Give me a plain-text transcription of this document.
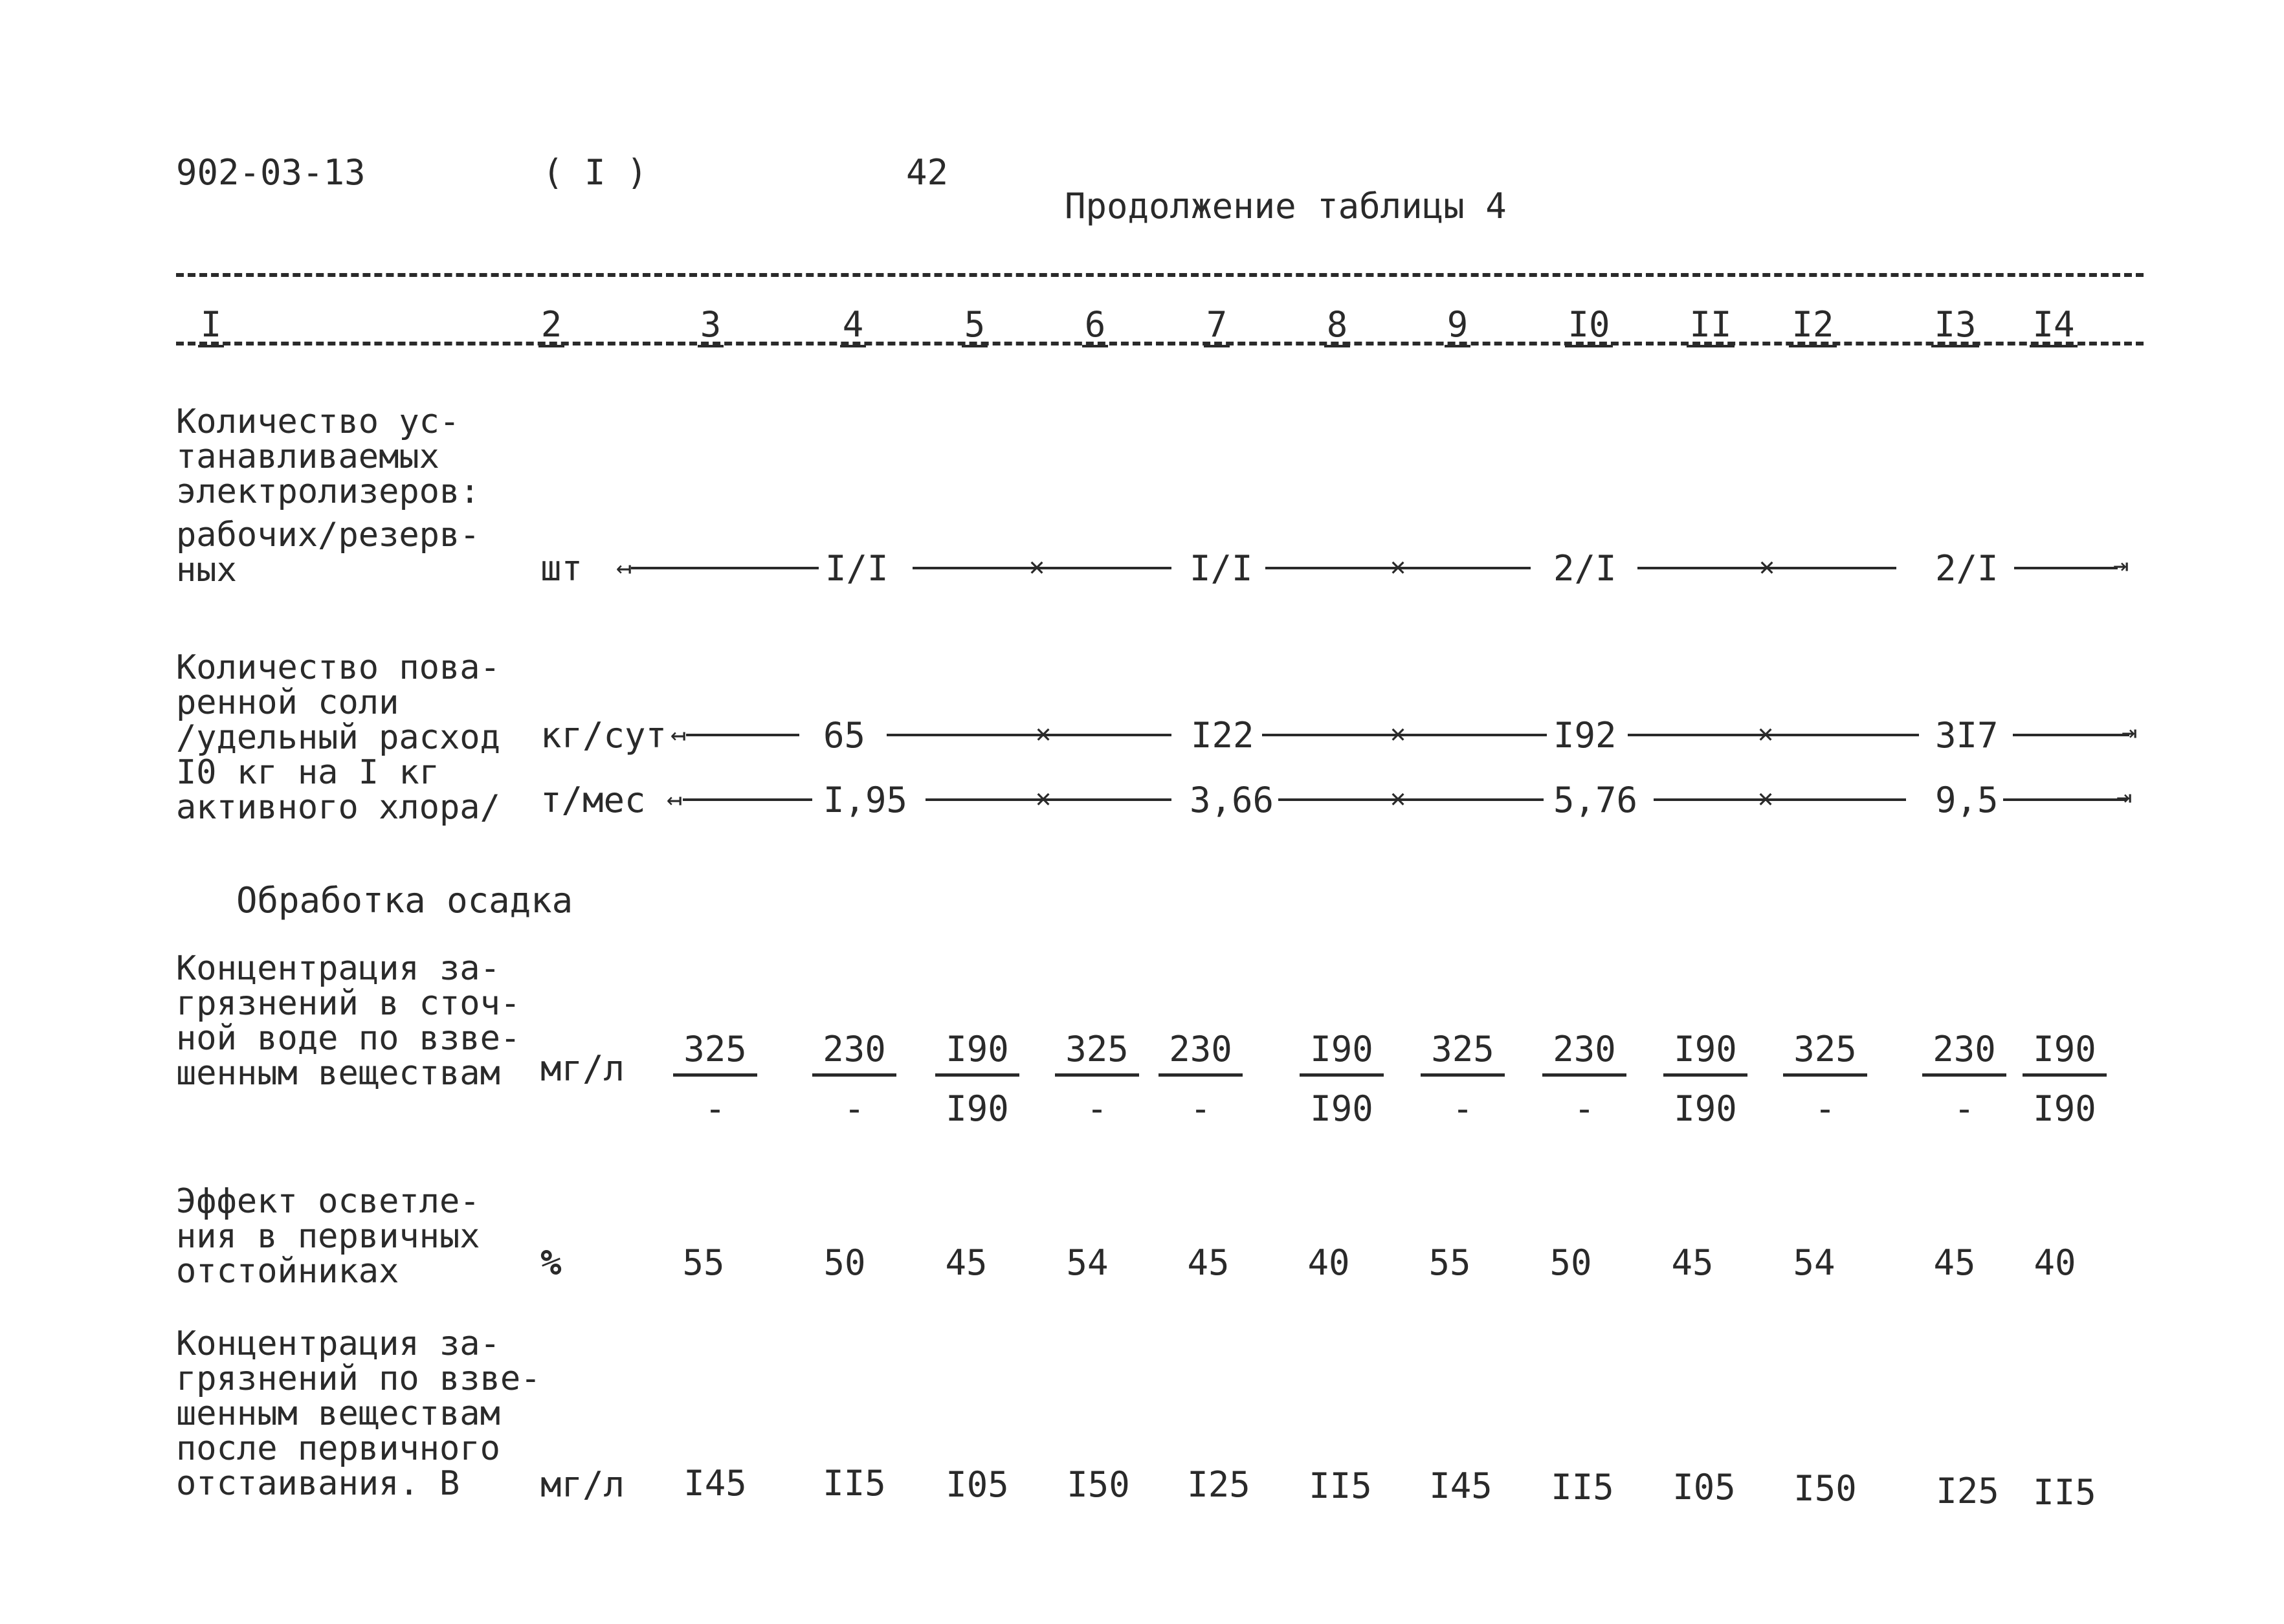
902-03-13	( I )	42
Продолжение таблицы 4
I	2	3	4	5	6	7	8	9	I0 II I2	I3 I4
Количество ус-
танавливаемых
электролизеров:
рабочих/резерв-
ных	шт ↤	I/I	✕	I/I	✕	2/I	✕	2/I	⇥
Количество пова-
ренной соли
/удельный расход
I0 кг на I кг
активного хлора/
кг/сут
т/мес
↤	65	✕	I22	✕	I92	✕	3I7	⇥
↤	I,95	✕	3,66	✕	5,76	✕	9,5	⇥
Обработка осадка
Концентрация за-
грязнений в сточ-
ной воде по взве-
шенным веществам	мг/л	325
-
230
-	$\frac{I90}{I90}$	325
-
230
-	$\frac{I90}{I90}$	325
-
230
-	$\frac{I90}{I90}$	325
-
230
-	$\frac{I90}{I90}$
Эффект осветле-
ния в первичных
отстойниках	%	55	50	45	54	45	40	55	50	45	54	45	40
Концентрация за-
грязнений по взве-
шенным веществам
после первичного
отстаивания. В	мг/л	I45	II5	I05	I50	I25	II5	I45	II5	I05	I50	I25 II5
